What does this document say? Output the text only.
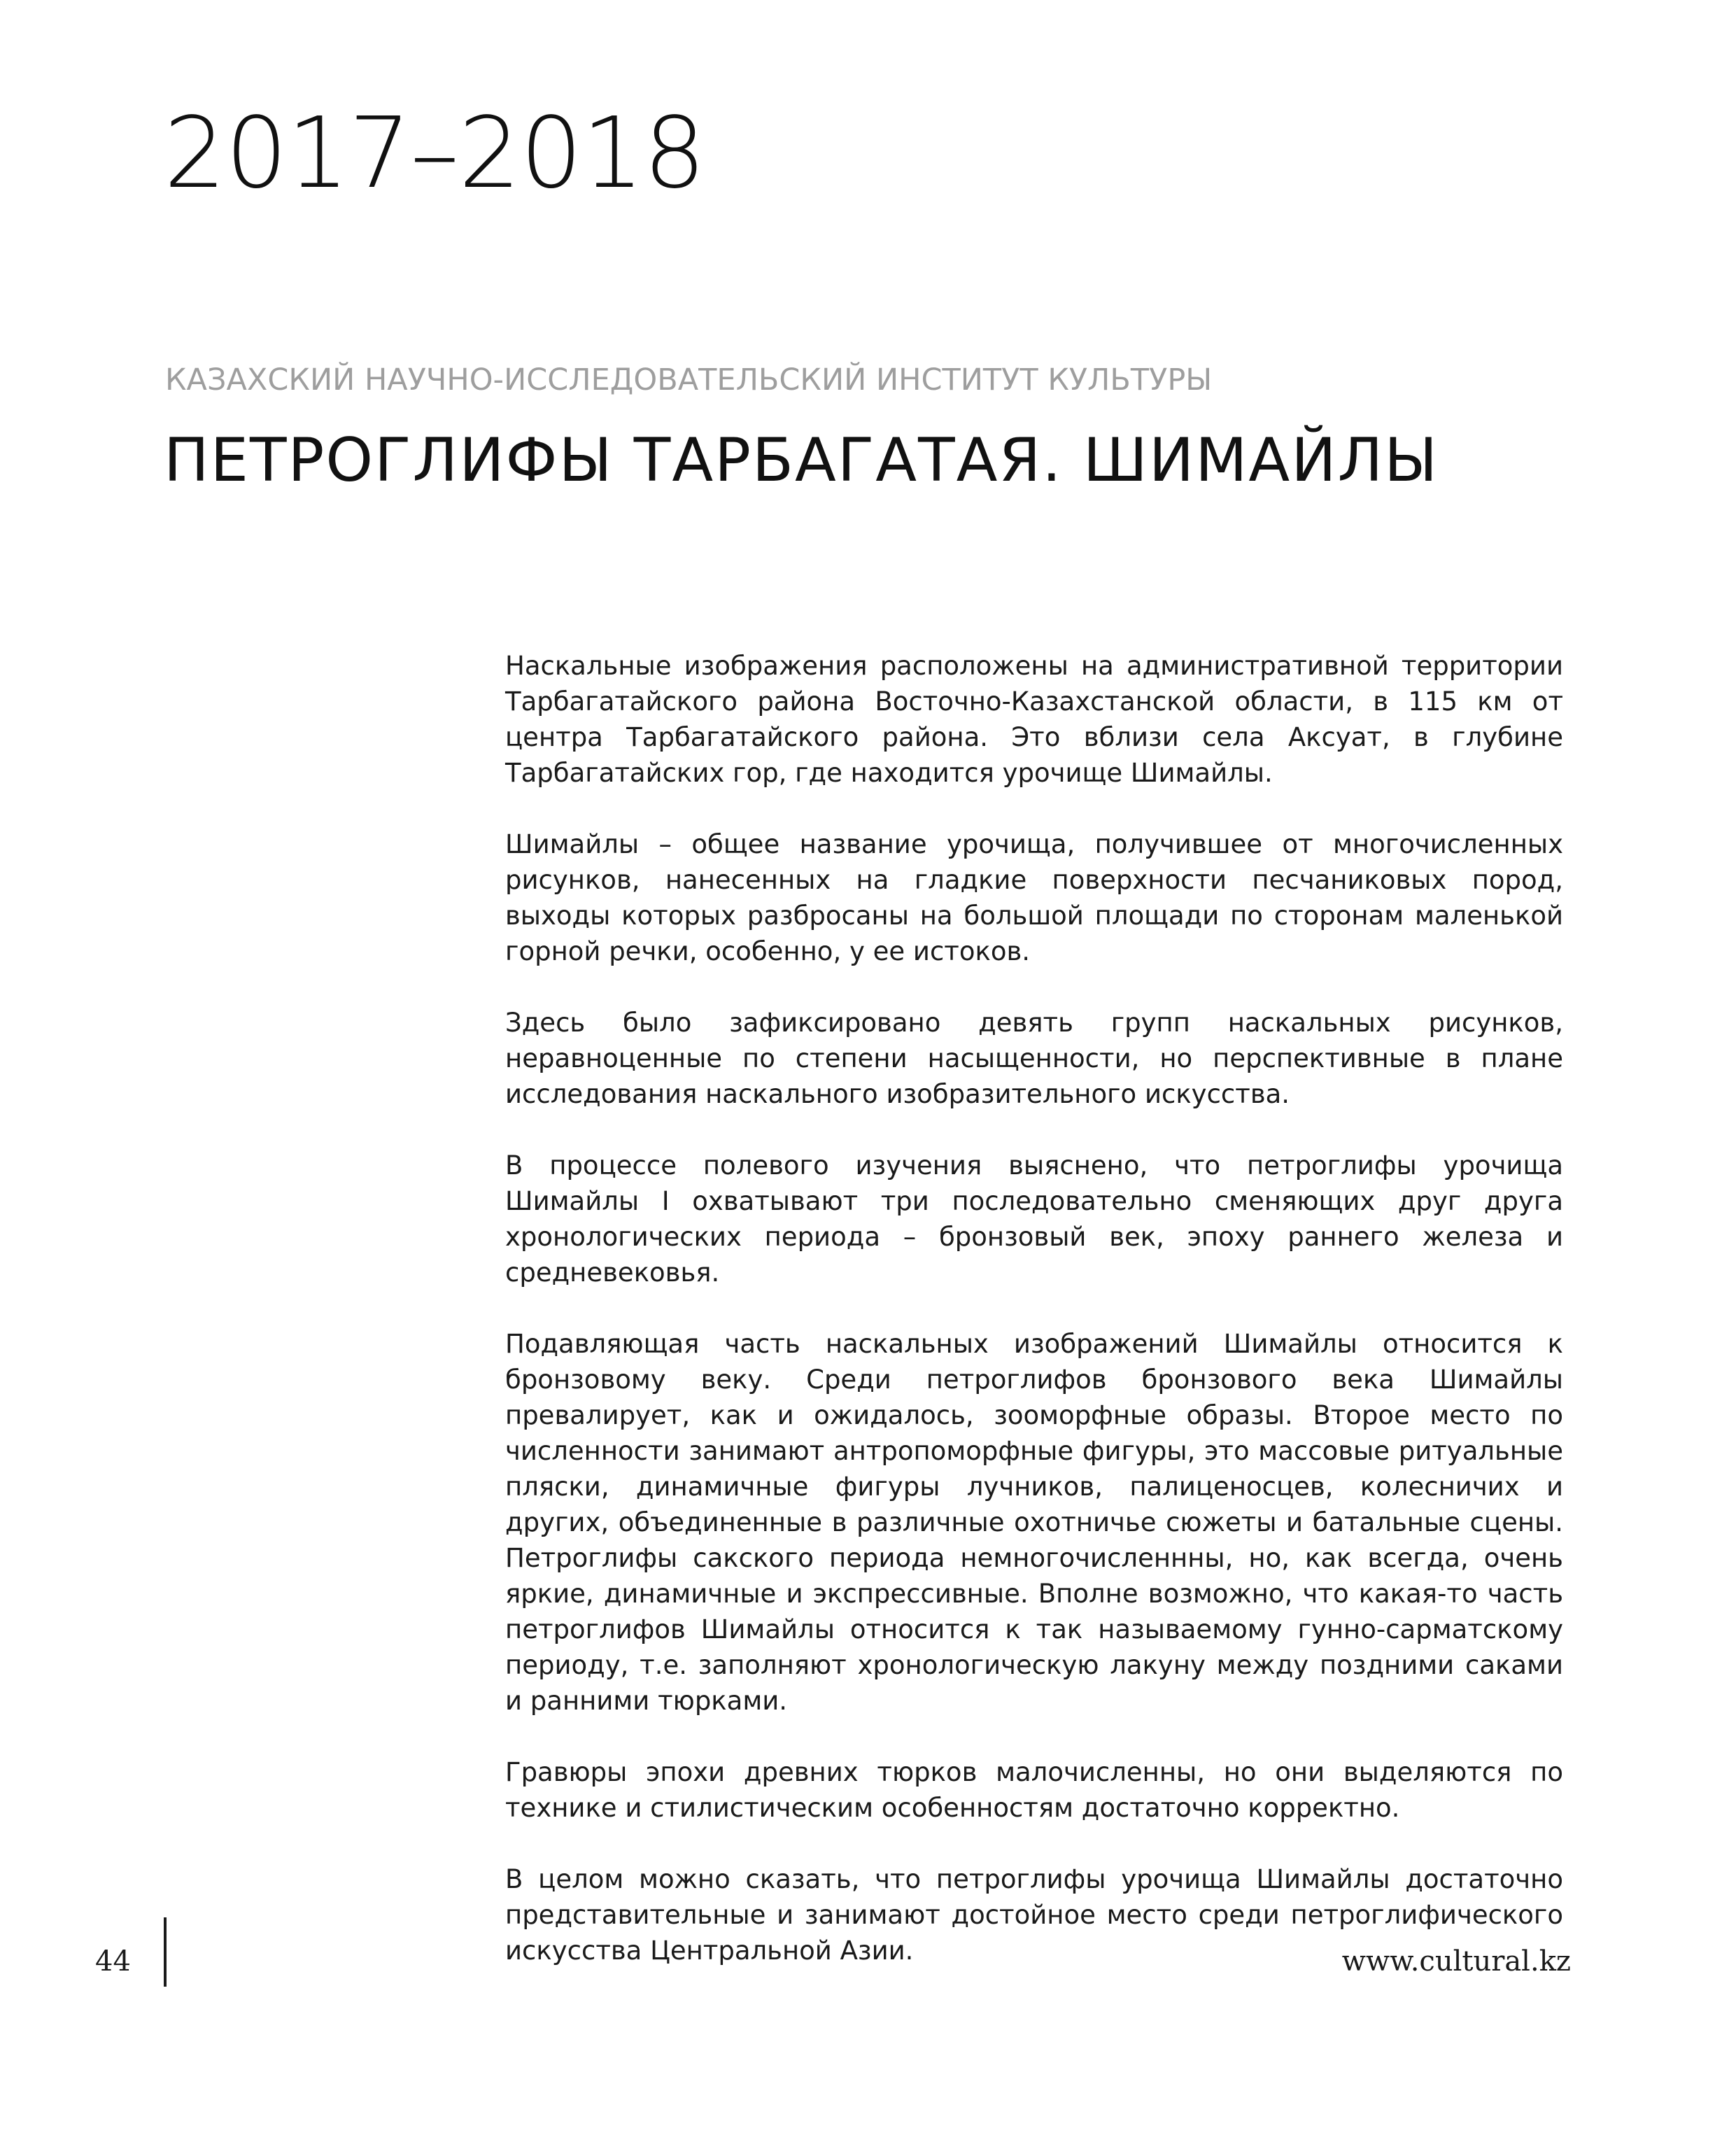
2017–2018
КАЗАХСКИЙ НАУЧНО-ИССЛЕДОВАТЕЛЬСКИЙ ИНСТИТУТ КУЛЬТУРЫ
ПЕТРОГЛИФЫ ТАРБАГАТАЯ. ШИМАЙЛЫ

Наскальные изображения расположены на административной территории Тарбагатайского района Восточно-Казахстанской области, в 115 км от центра Тарбагатайского района. Это вблизи села Аксуат, в глубине Тарбагатайских гор, где находится урочище Шимайлы.

Шимайлы – общее название урочища, получившее от многочисленных рисунков, нанесенных на гладкие поверхности песчаниковых пород, выходы которых разбросаны на большой площади по сторонам маленькой горной речки, особенно, у ее истоков.

Здесь было зафиксировано девять групп наскальных рисунков, неравноценные по степени насыщенности, но перспективные в плане исследования наскального изобразительного искусства.

В процессе полевого изучения выяснено, что петроглифы урочища Шимайлы I охватывают три последовательно сменяющих друг друга хронологических периода – бронзовый век, эпоху раннего железа и средневековья.

Подавляющая часть наскальных изображений Шимайлы относится к бронзовому веку. Среди петроглифов бронзового века Шимайлы превалирует, как и ожидалось, зооморфные образы. Второе место по численности занимают антропоморфные фигуры, это массовые ритуальные пляски, динамичные фигуры лучников, палиценосцев, колесничих и других, объединенные в различные охотничье сюжеты и батальные сцены. Петроглифы сакского периода немногочисленнны, но, как всегда, очень яркие, динамичные и экспрессивные. Вполне возможно, что какая-то часть петроглифов Шимайлы относится к так называемому гунно-сарматскому периоду, т.е. заполняют хронологическую лакуну между поздними саками и ранними тюрками.

Гравюры эпохи древних тюрков малочисленны, но они выделяются по технике и стилистическим особенностям достаточно корректно.

В целом можно сказать, что петроглифы урочища Шимайлы достаточно представительные и занимают достойное место среди петроглифического искусства Центральной Азии.

44	www.cultural.kz
